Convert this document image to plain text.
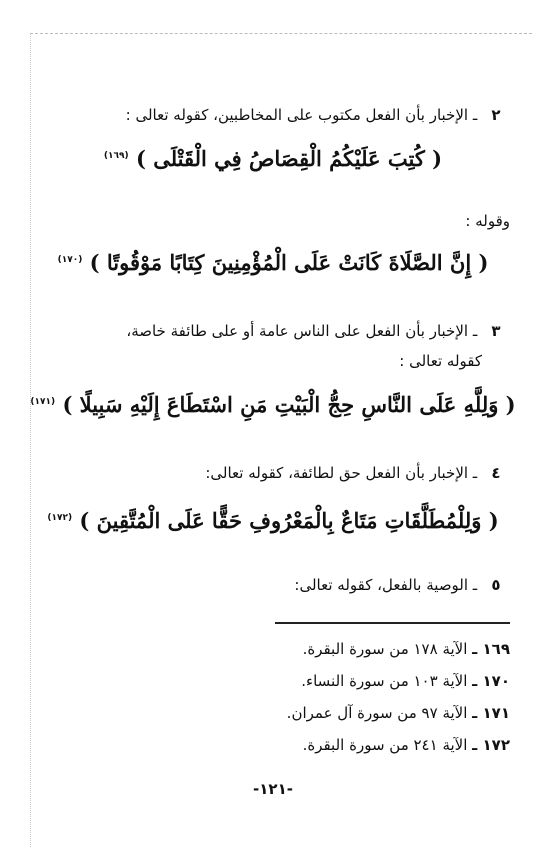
٢ ـ الإخبار بأن الفعل مكتوب على المخاطبين، كقوله تعالى :
( كُتِبَ عَلَيْكُمُ الْقِصَاصُ فِي الْقَتْلَى ) $^{(١٦٩)}$
وقوله :
( إِنَّ الصَّلَاةَ كَانَتْ عَلَى الْمُؤْمِنِينَ كِتَابًا مَوْقُوتًا ) $^{(١٧٠)}$
٣ ـ الإخبار بأن الفعل على الناس عامة أو على طائفة خاصة،
كقوله تعالى :
( وَلِلَّهِ عَلَى النَّاسِ حِجُّ الْبَيْتِ مَنِ اسْتَطَاعَ إِلَيْهِ سَبِيلًا ) $^{(١٧١)}$
٤ ـ الإخبار بأن الفعل حق لطائفة، كقوله تعالى:
( وَلِلْمُطَلَّقَاتِ مَتَاعٌ بِالْمَعْرُوفِ حَقًّا عَلَى الْمُتَّقِينَ ) $^{(١٧٢)}$
٥ ـ الوصية بالفعل، كقوله تعالى:
١٦٩ ـ الآية ١٧٨ من سورة البقرة.
١٧٠ ـ الآية ١٠٣ من سورة النساء.
١٧١ ـ الآية ٩٧ من سورة آل عمران.
١٧٢ ـ الآية ٢٤١ من سورة البقرة.
-١٢١-
